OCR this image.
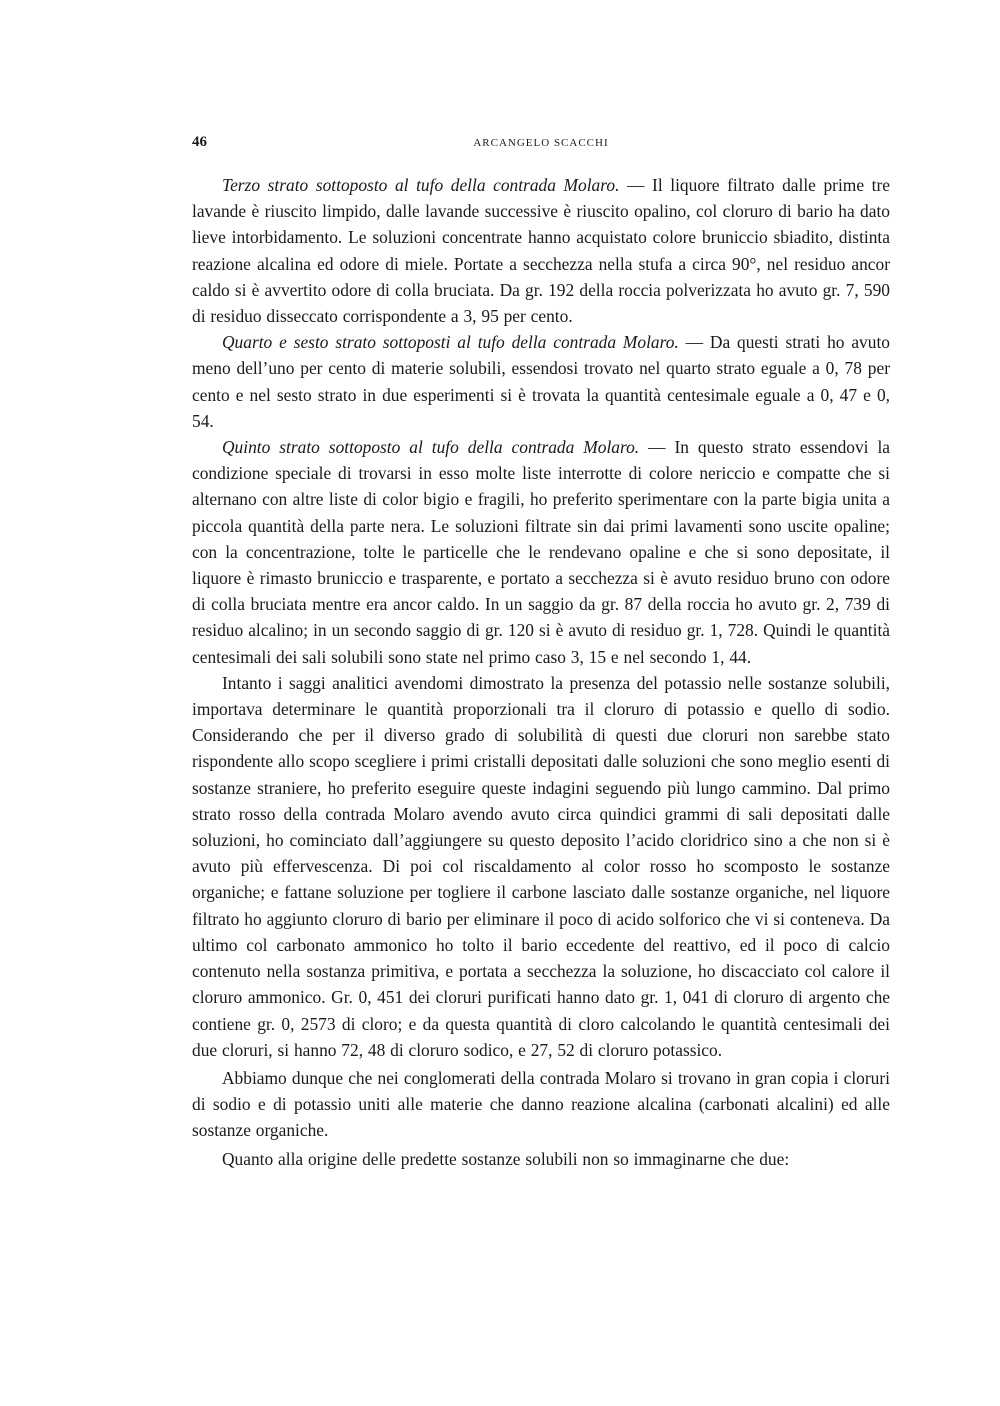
46	ARCANGELO SCACCHI

Terzo strato sottoposto al tufo della contrada Molaro. — Il liquore filtrato dalle prime tre lavande è riuscito limpido, dalle lavande successive è riuscito opalino, col cloruro di bario ha dato lieve intorbidamento. Le soluzioni concentrate hanno acquistato colore bruniccio sbiadito, distinta reazione alcalina ed odore di miele. Portate a secchezza nella stufa a circa 90°, nel residuo ancor caldo si è avvertito odore di colla bruciata. Da gr. 192 della roccia polverizzata ho avuto gr. 7, 590 di residuo disseccato corrispondente a 3, 95 per cento.

Quarto e sesto strato sottoposti al tufo della contrada Molaro. — Da questi strati ho avuto meno dell’uno per cento di materie solubili, essendosi trovato nel quarto strato eguale a 0, 78 per cento e nel sesto strato in due esperimenti si è trovata la quantità centesimale eguale a 0, 47 e 0, 54.

Quinto strato sottoposto al tufo della contrada Molaro. — In questo strato essendovi la condizione speciale di trovarsi in esso molte liste interrotte di colore nericcio e compatte che si alternano con altre liste di color bigio e fragili, ho preferito sperimentare con la parte bigia unita a piccola quantità della parte nera. Le soluzioni filtrate sin dai primi lavamenti sono uscite opaline; con la concentrazione, tolte le particelle che le rendevano opaline e che si sono depositate, il liquore è rimasto bruniccio e trasparente, e portato a secchezza si è avuto residuo bruno con odore di colla bruciata mentre era ancor caldo. In un saggio da gr. 87 della roccia ho avuto gr. 2, 739 di residuo alcalino; in un secondo saggio di gr. 120 si è avuto di residuo gr. 1, 728. Quindi le quantità centesimali dei sali solubili sono state nel primo caso 3, 15 e nel secondo 1, 44.

Intanto i saggi analitici avendomi dimostrato la presenza del potassio nelle sostanze solubili, importava determinare le quantità proporzionali tra il cloruro di potassio e quello di sodio. Considerando che per il diverso grado di solubilità di questi due cloruri non sarebbe stato rispondente allo scopo scegliere i primi cristalli depositati dalle soluzioni che sono meglio esenti di sostanze straniere, ho preferito eseguire queste indagini seguendo più lungo cammino. Dal primo strato rosso della contrada Molaro avendo avuto circa quindici grammi di sali depositati dalle soluzioni, ho cominciato dall’aggiungere su questo deposito l’acido cloridrico sino a che non si è avuto più effervescenza. Di poi col riscaldamento al color rosso ho scomposto le sostanze organiche; e fattane soluzione per togliere il carbone lasciato dalle sostanze organiche, nel liquore filtrato ho aggiunto cloruro di bario per eliminare il poco di acido solforico che vi si conteneva. Da ultimo col carbonato ammonico ho tolto il bario eccedente del reattivo, ed il poco di calcio contenuto nella sostanza primitiva, e portata a secchezza la soluzione, ho discacciato col calore il cloruro ammonico. Gr. 0, 451 dei cloruri purificati hanno dato gr. 1, 041 di cloruro di argento che contiene gr. 0, 2573 di cloro; e da questa quantità di cloro calcolando le quantità centesimali dei due cloruri, si hanno 72, 48 di cloruro sodico, e 27, 52 di cloruro potassico.

Abbiamo dunque che nei conglomerati della contrada Molaro si trovano in gran copia i cloruri di sodio e di potassio uniti alle materie che danno reazione alcalina (carbonati alcalini) ed alle sostanze organiche.

Quanto alla origine delle predette sostanze solubili non so immaginarne che due:
